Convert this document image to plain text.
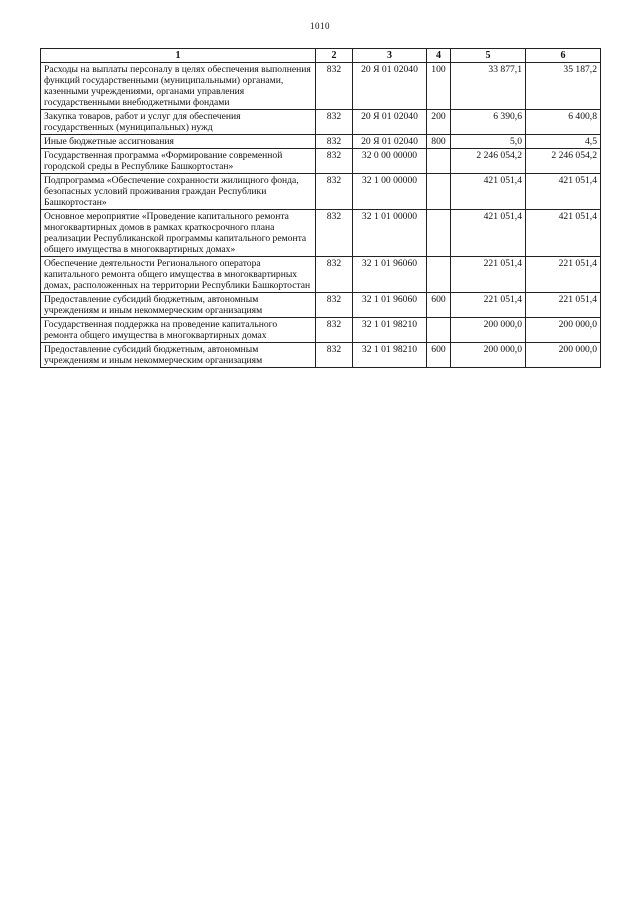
1010
1	2	3	4	5	6
Расходы на выплаты персоналу в целях обеспечения выполнения функций государственными (муниципальными) органами, казенными учреждениями, органами управления государственными внебюджетными фондами	832	20 Я 01 02040	100	33 877,1	35 187,2
Закупка товаров, работ и услуг для обеспечения государственных (муниципальных) нужд	832	20 Я 01 02040	200	6 390,6	6 400,8
Иные бюджетные ассигнования	832	20 Я 01 02040	800	5,0	4,5
Государственная программа «Формирование современной городской среды в Республике Башкортостан»	832	32 0 00 00000		2 246 054,2	2 246 054,2
Подпрограмма «Обеспечение сохранности жилищного фонда, безопасных условий проживания граждан Республики Башкортостан»	832	32 1 00 00000		421 051,4	421 051,4
Основное мероприятие «Проведение капитального ремонта многоквартирных домов в рамках краткосрочного плана реализации Республиканской программы капитального ремонта общего имущества в многоквартирных домах»	832	32 1 01 00000		421 051,4	421 051,4
Обеспечение деятельности Регионального оператора капитального ремонта общего имущества в многоквартирных домах, расположенных на территории Республики Башкортостан	832	32 1 01 96060		221 051,4	221 051,4
Предоставление субсидий бюджетным, автономным учреждениям и иным некоммерческим организациям	832	32 1 01 96060	600	221 051,4	221 051,4
Государственная поддержка на проведение капитального ремонта общего имущества в многоквартирных домах	832	32 1 01 98210		200 000,0	200 000,0
Предоставление субсидий бюджетным, автономным учреждениям и иным некоммерческим организациям	832	32 1 01 98210	600	200 000,0	200 000,0
